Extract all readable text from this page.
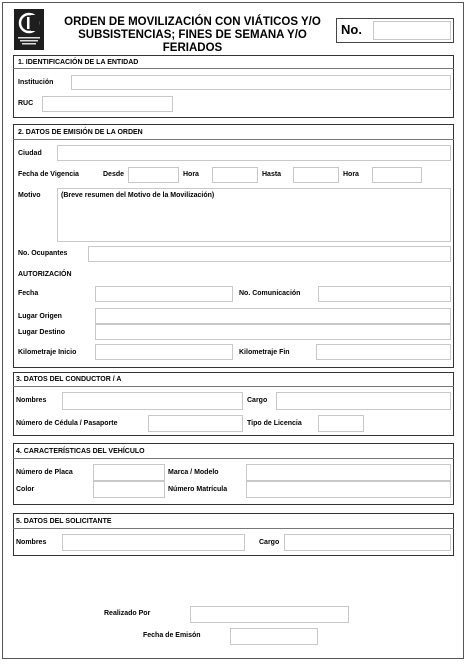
ORDEN DE MOVILIZACIÓN CON VIÁTICOS Y/O
SUBSISTENCIAS; FINES DE SEMANA Y/O FERIADOS
No.
1. IDENTIFICACIÓN DE LA ENTIDAD
Institución
RUC
2. DATOS DE EMISIÓN DE LA ORDEN
Ciudad
Fecha de Vigencia	Desde	Hora	Hasta	Hora
Motivo	(Breve resumen del Motivo de la Movilización)
No. Ocupantes
AUTORIZACIÓN
Fecha	No. Comunicación
Lugar Origen
Lugar Destino
Kilometraje Inicio	Kilometraje Fin
3. DATOS DEL CONDUCTOR / A
Nombres	Cargo
Número de Cédula / Pasaporte	Tipo de Licencia
4. CARACTERÍSTICAS DEL VEHÍCULO
Número de Placa	Marca / Modelo
Color	Número Matrícula
5. DATOS DEL SOLICITANTE
Nombres	Cargo
Realizado Por
Fecha de Emisón
